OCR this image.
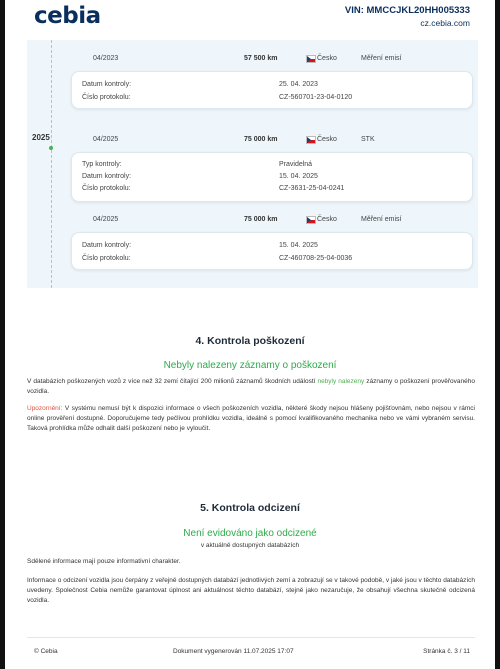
cebia	VIN: MMCCJKL20HH005333
cz.cebia.com
2025
04/2023	57 500 km	Česko	Měření emisí
Datum kontroly:	25. 04. 2023
Číslo protokolu:	CZ-560701-23-04-0120
04/2025	75 000 km	Česko	STK
Typ kontroly:	Pravidelná
Datum kontroly:	15. 04. 2025
Číslo protokolu:	CZ-3631-25-04-0241
04/2025	75 000 km	Česko	Měření emisí
Datum kontroly:	15. 04. 2025
Číslo protokolu:	CZ-460708-25-04-0036
4. Kontrola poškození
Nebyly nalezeny záznamy o poškození
V databázích poškozených vozů z více než 32 zemí čítající 200 milionů záznamů škodních událostí nebyly nalezeny záznamy o poškození prověřovaného vozidla.
Upozornění: V systému nemusí být k dispozici informace o všech poškozeních vozidla, některé škody nejsou hlášeny pojišťovnám, nebo nejsou v rámci online prověření dostupné. Doporučujeme tedy pečlivou prohlídku vozidla, ideálně s pomocí kvalifikovaného mechanika nebo ve vámi vybraném servisu. Taková prohlídka může odhalit další poškození nebo je vyloučit.
5. Kontrola odcizení
Není evidováno jako odcizené
v aktuálně dostupných databázích
Sdělené informace mají pouze informativní charakter.
Informace o odcizení vozidla jsou čerpány z veřejně dostupných databází jednotlivých zemí a zobrazují se v takové podobě, v jaké jsou v těchto databázích uvedeny. Společnost Cebia nemůže garantovat úplnost ani aktuálnost těchto databází, stejně jako nezaručuje, že obsahují všechna skutečně odcizená vozidla.
© Cebia	Dokument vygenerován 11.07.2025 17:07	Stránka č. 3 / 11
